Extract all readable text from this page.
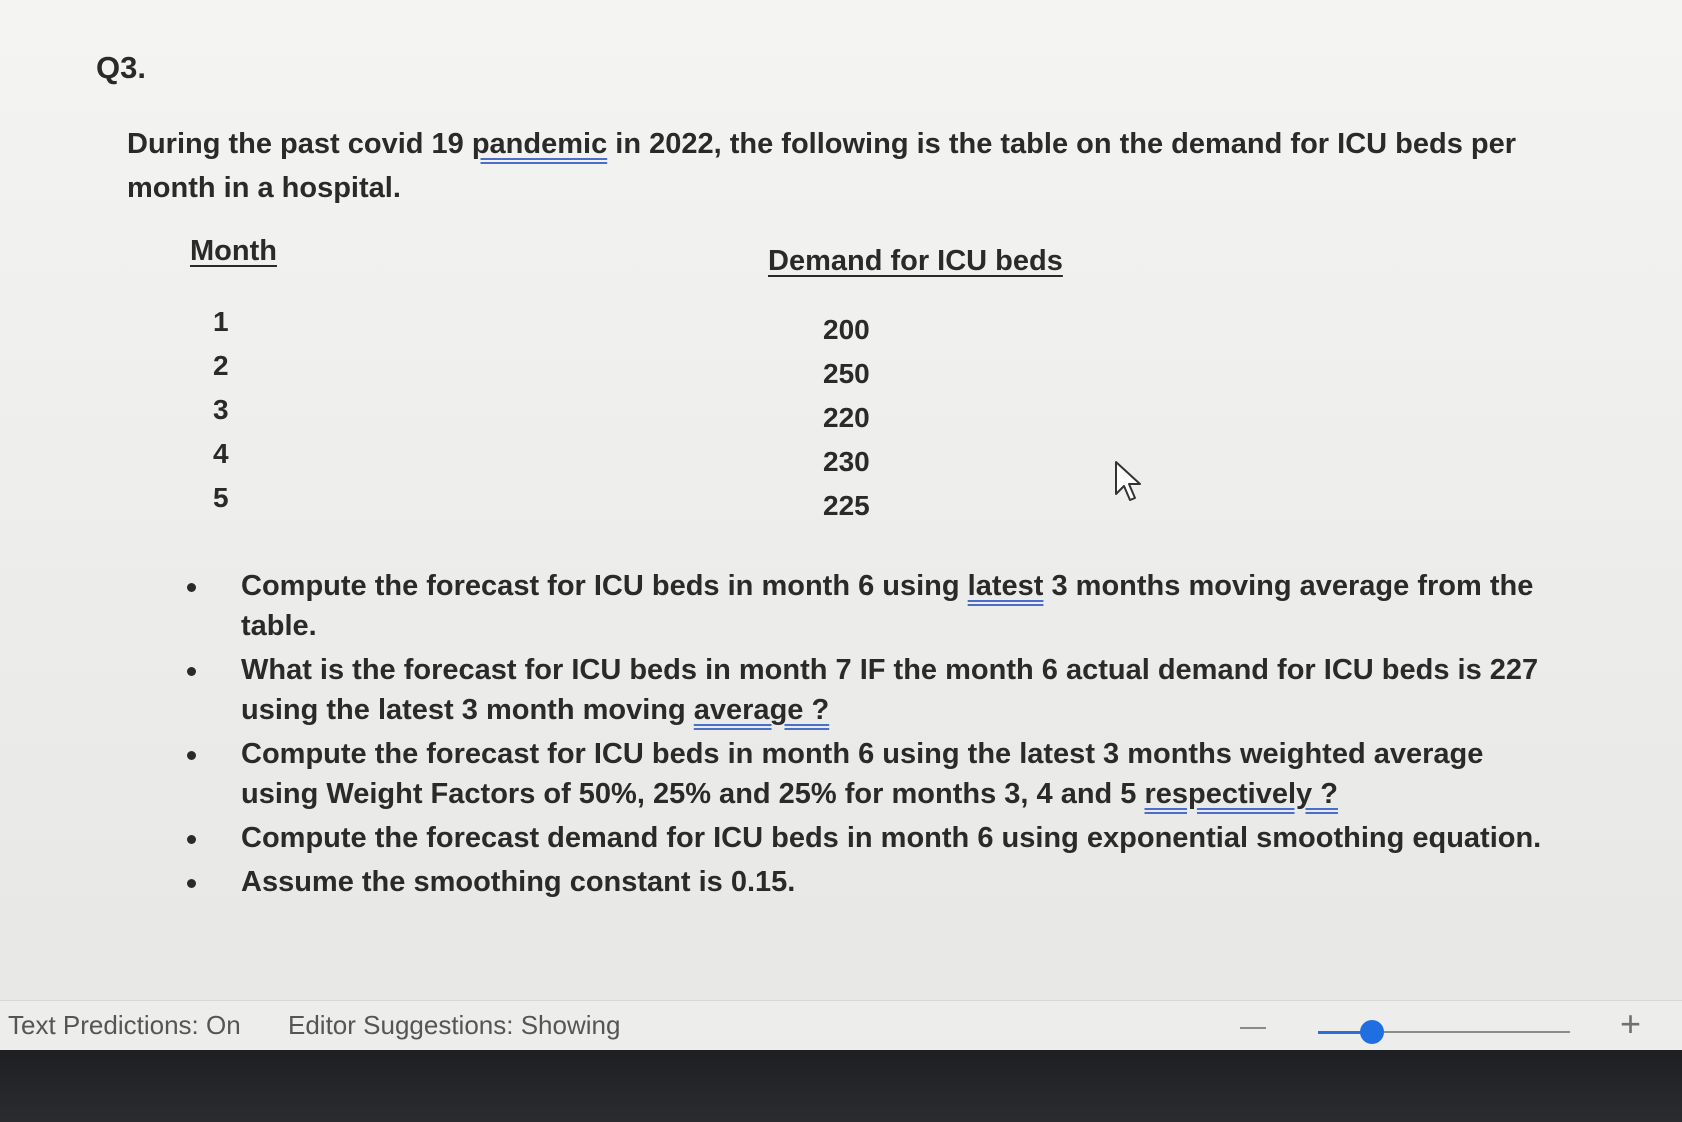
Q3.
During the past covid 19 pandemic in 2022, the following is the table on the demand for ICU beds per month in a hospital.
Month	Demand for ICU beds
1
2
3
4
5
200
250
220
230
225
Compute the forecast for ICU beds in month 6 using latest 3 months moving average from the table.
What is the forecast for ICU beds in month 7 IF the month 6 actual demand for ICU beds is 227 using the latest 3 month moving average ?
Compute the forecast for ICU beds in month 6 using the latest 3 months weighted average using Weight Factors of 50%, 25% and 25% for months 3, 4 and 5 respectively ?
Compute the forecast demand for ICU beds in month 6 using exponential smoothing equation.
Assume the smoothing constant is 0.15.
Text Predictions: On Editor Suggestions: Showing	+
